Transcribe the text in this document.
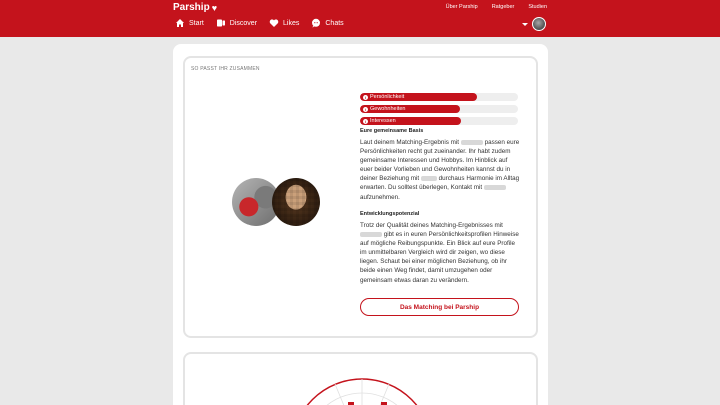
Parship ♥	Über Parship	Ratgeber	Studien
Start	Discover	Likes	Chats
SO PASST IHR ZUSAMMEN
i Persönlichkeit
i Gewohnheiten
i Interessen
Eure gemeinsame Basis

Laut deinem Matching-Ergebnis mit	passen eure Persönlichkeiten recht gut zueinander. Ihr habt zudem gemeinsame Interessen und Hobbys. Im Hinblick auf euer beider Vorlieben und Gewohnheiten kannst du in deiner Beziehung mit	durchaus Harmonie im Alltag erwarten. Du solltest überlegen, Kontakt mit  aufzunehmen.

Entwicklungspotenzial

Trotz der Qualität deines Matching-Ergebnisses mit  gibt es in euren Persönlichkeitsprofilen Hinweise auf mögliche Reibungspunkte. Ein Blick auf eure Profile im unmittelbaren Vergleich wird dir zeigen, wo diese liegen. Schaut bei einer möglichen Beziehung, ob ihr beide einen Weg findet, damit umzugehen oder gemeinsam etwas daran zu verändern.

Das Matching bei Parship
